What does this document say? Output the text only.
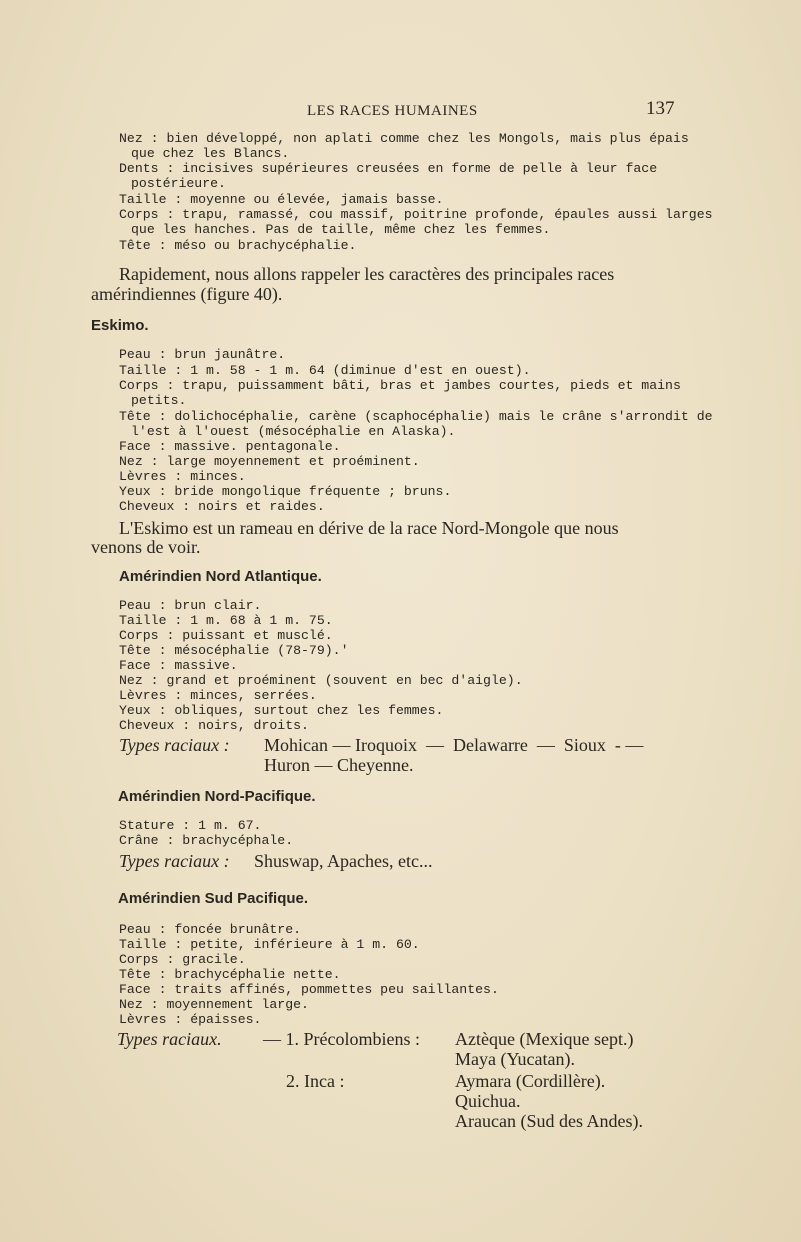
LES RACES HUMAINES	137
Nez : bien développé, non aplati comme chez les Mongols, mais plus épais
que chez les Blancs.
Dents : incisives supérieures creusées en forme de pelle à leur face
postérieure.
Taille : moyenne ou élevée, jamais basse.
Corps : trapu, ramassé, cou massif, poitrine profonde, épaules aussi larges
que les hanches. Pas de taille, même chez les femmes.
Tête : méso ou brachycéphalie.
Rapidement, nous allons rappeler les caractères des principales races
amérindiennes (figure 40).
Eskimo.
Peau : brun jaunâtre.
Taille : 1 m. 58 - 1 m. 64 (diminue d'est en ouest).
Corps : trapu, puissamment bâti, bras et jambes courtes, pieds et mains
petits.
Tête : dolichocéphalie, carène (scaphocéphalie) mais le crâne s'arrondit de
l'est à l'ouest (mésocéphalie en Alaska).
Face : massive. pentagonale.
Nez : large moyennement et proéminent.
Lèvres : minces.
Yeux : bride mongolique fréquente ; bruns.
Cheveux : noirs et raides.
L'Eskimo est un rameau en dérive de la race Nord-Mongole que nous
venons de voir.
Amérindien Nord Atlantique.
Peau : brun clair.
Taille : 1 m. 68 à 1 m. 75.
Corps : puissant et musclé.
Tête : mésocéphalie (78-79).'
Face : massive.
Nez : grand et proéminent (souvent en bec d'aigle).
Lèvres : minces, serrées.
Yeux : obliques, surtout chez les femmes.
Cheveux : noirs, droits.
Types raciaux : Mohican — Iroquoix  —  Delawarre  —  Sioux  - —
Huron — Cheyenne.
Amérindien Nord-Pacifique.
Stature : 1 m. 67.
Crâne : brachycéphale.
Types raciaux : Shuswap, Apaches, etc...
Amérindien Sud Pacifique.
Peau : foncée brunâtre.
Taille : petite, inférieure à 1 m. 60.
Corps : gracile.
Tête : brachycéphalie nette.
Face : traits affinés, pommettes peu saillantes.
Nez : moyennement large.
Lèvres : épaisses.
Types raciaux. — 1. Précolombiens : Aztèque (Mexique sept.)
Maya (Yucatan).
2. Inca :	Aymara (Cordillère).
Quichua.
Araucan (Sud des Andes).
